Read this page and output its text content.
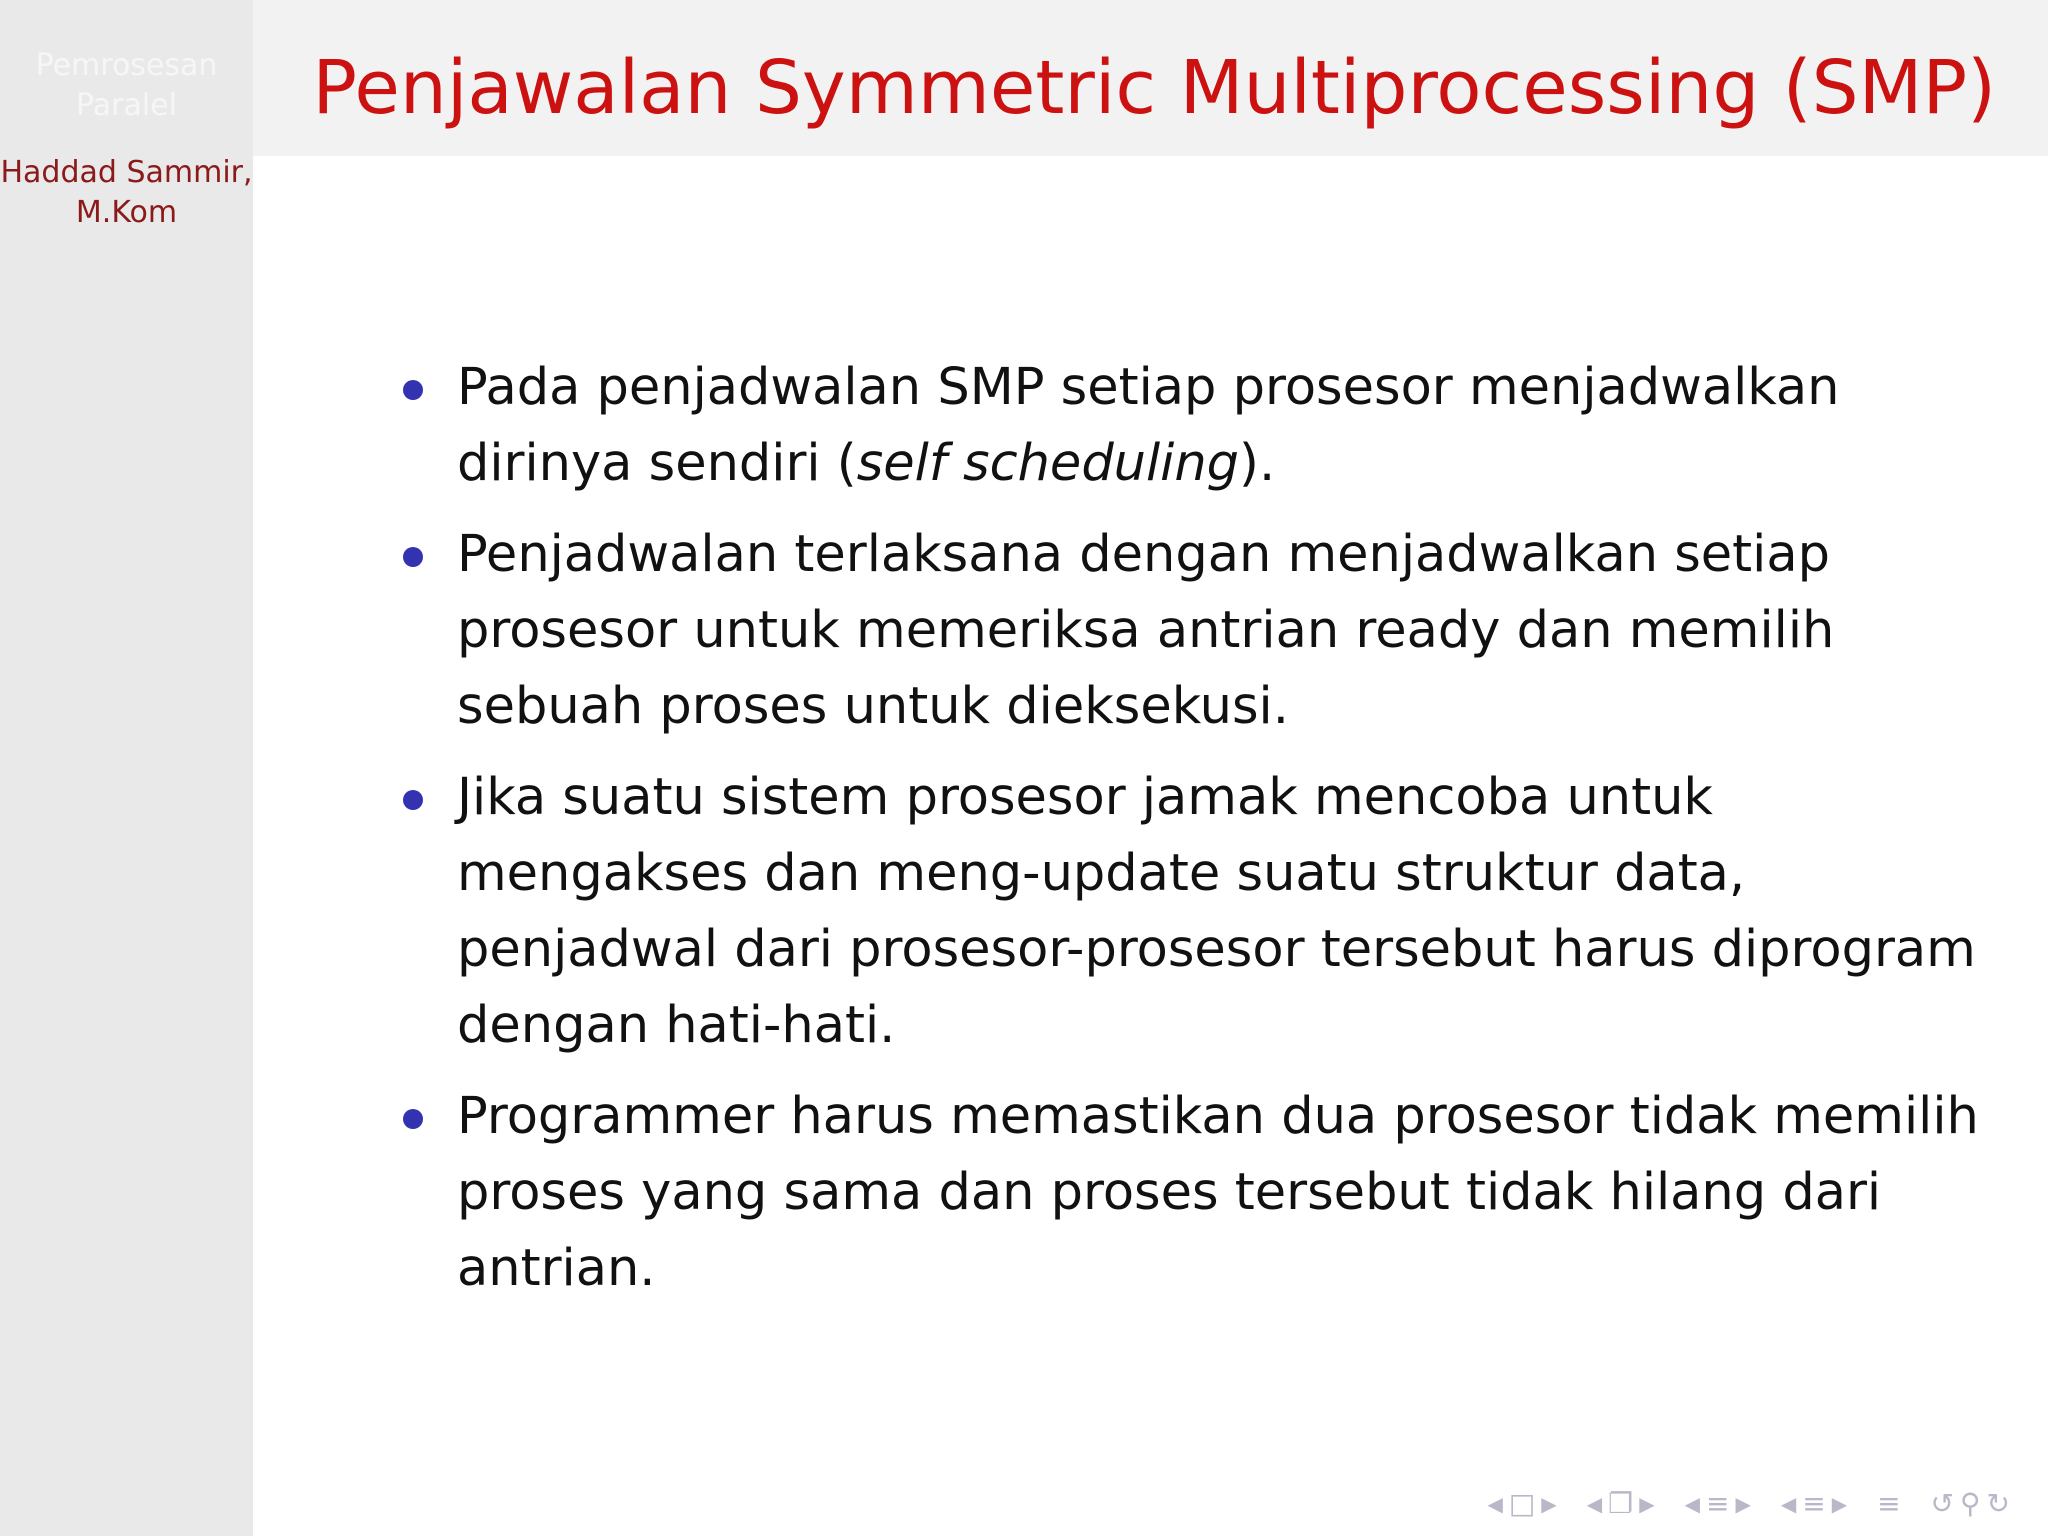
Pemrosesan Paralel
Haddad Sammir, M.Kom
Penjawalan Symmetric Multiprocessing (SMP)
Pada penjadwalan SMP setiap prosesor menjadwalkan dirinya sendiri (self scheduling).
Penjadwalan terlaksana dengan menjadwalkan setiap prosesor untuk memeriksa antrian ready dan memilih sebuah proses untuk dieksekusi.
Jika suatu sistem prosesor jamak mencoba untuk mengakses dan meng-update suatu struktur data, penjadwal dari prosesor-prosesor tersebut harus diprogram dengan hati-hati.
Programmer harus memastikan dua prosesor tidak memilih proses yang sama dan proses tersebut tidak hilang dari antrian.
◀ □ ▶ ◀ ❐ ▶ ◀ ≡ ▶ ◀ ≡ ▶ ≡ ↺ ⚲ ↻
